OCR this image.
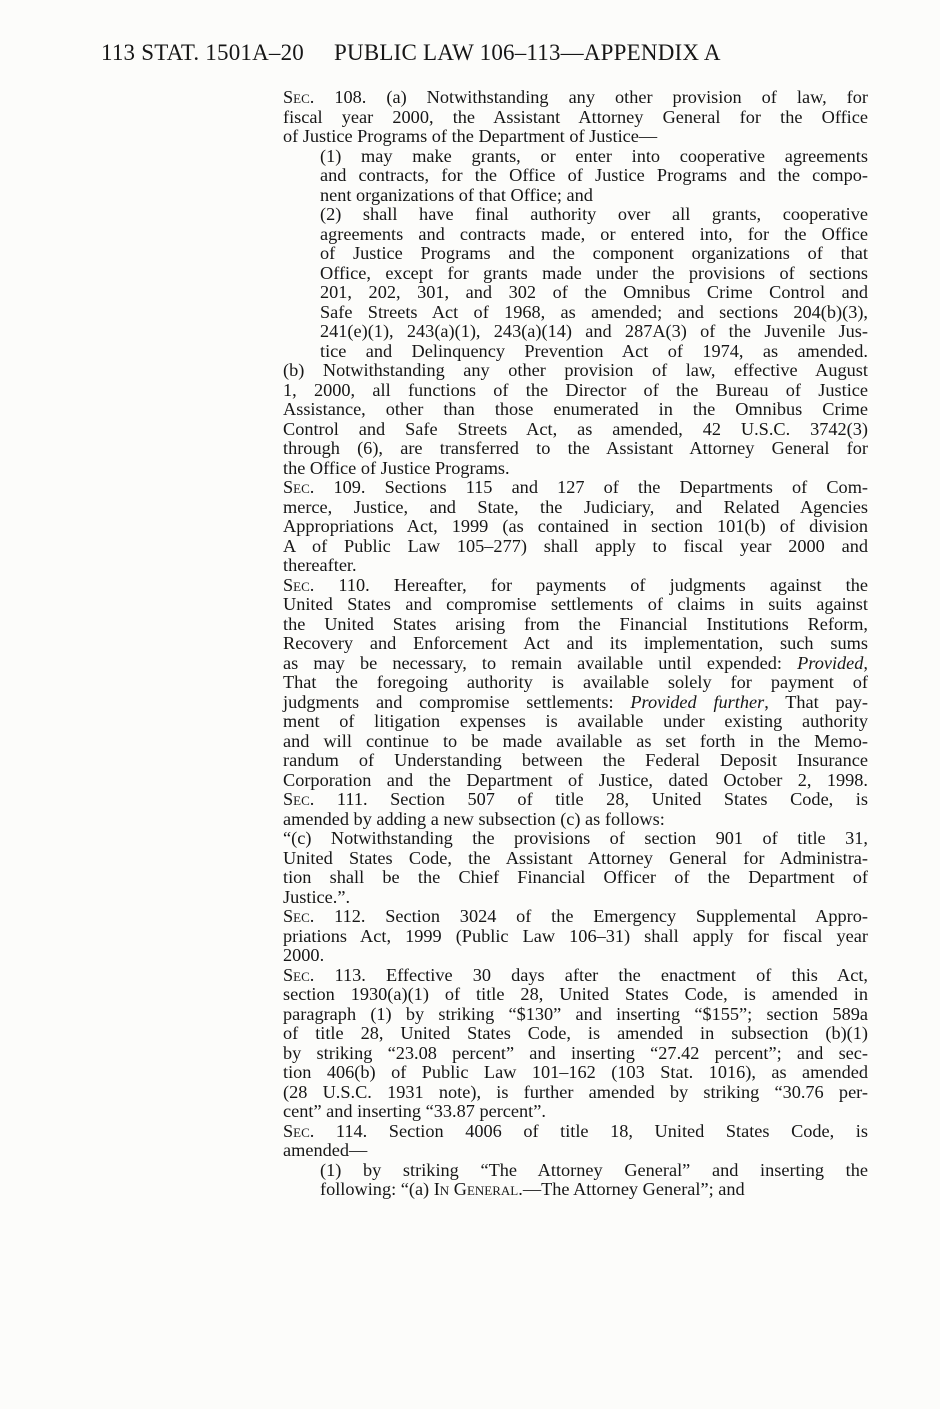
113 STAT. 1501A–20 PUBLIC LAW 106–113—APPENDIX A

Sec. 108. (a) Notwithstanding any other provision of law, for
fiscal year 2000, the Assistant Attorney General for the Office
of Justice Programs of the Department of Justice—

(1) may make grants, or enter into cooperative agreements
and contracts, for the Office of Justice Programs and the compo-
nent organizations of that Office; and

(2) shall have final authority over all grants, cooperative
agreements and contracts made, or entered into, for the Office
of Justice Programs and the component organizations of that
Office, except for grants made under the provisions of sections
201, 202, 301, and 302 of the Omnibus Crime Control and
Safe Streets Act of 1968, as amended; and sections 204(b)(3),
241(e)(1), 243(a)(1), 243(a)(14) and 287A(3) of the Juvenile Jus-
tice and Delinquency Prevention Act of 1974, as amended.

(b) Notwithstanding any other provision of law, effective August
1, 2000, all functions of the Director of the Bureau of Justice
Assistance, other than those enumerated in the Omnibus Crime
Control and Safe Streets Act, as amended, 42 U.S.C. 3742(3)
through (6), are transferred to the Assistant Attorney General for
the Office of Justice Programs.

Sec. 109. Sections 115 and 127 of the Departments of Com-
merce, Justice, and State, the Judiciary, and Related Agencies
Appropriations Act, 1999 (as contained in section 101(b) of division
A of Public Law 105–277) shall apply to fiscal year 2000 and
thereafter.

Sec. 110. Hereafter, for payments of judgments against the
United States and compromise settlements of claims in suits against
the United States arising from the Financial Institutions Reform,
Recovery and Enforcement Act and its implementation, such sums
as may be necessary, to remain available until expended: Provided,
That the foregoing authority is available solely for payment of
judgments and compromise settlements: Provided further, That pay-
ment of litigation expenses is available under existing authority
and will continue to be made available as set forth in the Memo-
randum of Understanding between the Federal Deposit Insurance
Corporation and the Department of Justice, dated October 2, 1998.

Sec. 111. Section 507 of title 28, United States Code, is
amended by adding a new subsection (c) as follows:

“(c) Notwithstanding the provisions of section 901 of title 31,
United States Code, the Assistant Attorney General for Administra-
tion shall be the Chief Financial Officer of the Department of
Justice.”.

Sec. 112. Section 3024 of the Emergency Supplemental Appro-
priations Act, 1999 (Public Law 106–31) shall apply for fiscal year
2000.

Sec. 113. Effective 30 days after the enactment of this Act,
section 1930(a)(1) of title 28, United States Code, is amended in
paragraph (1) by striking “$130” and inserting “$155”; section 589a
of title 28, United States Code, is amended in subsection (b)(1)
by striking “23.08 percent” and inserting “27.42 percent”; and sec-
tion 406(b) of Public Law 101–162 (103 Stat. 1016), as amended
(28 U.S.C. 1931 note), is further amended by striking “30.76 per-
cent” and inserting “33.87 percent”.

Sec. 114. Section 4006 of title 18, United States Code, is
amended—

(1) by striking “The Attorney General” and inserting the
following: “(a) In General.—The Attorney General”; and
